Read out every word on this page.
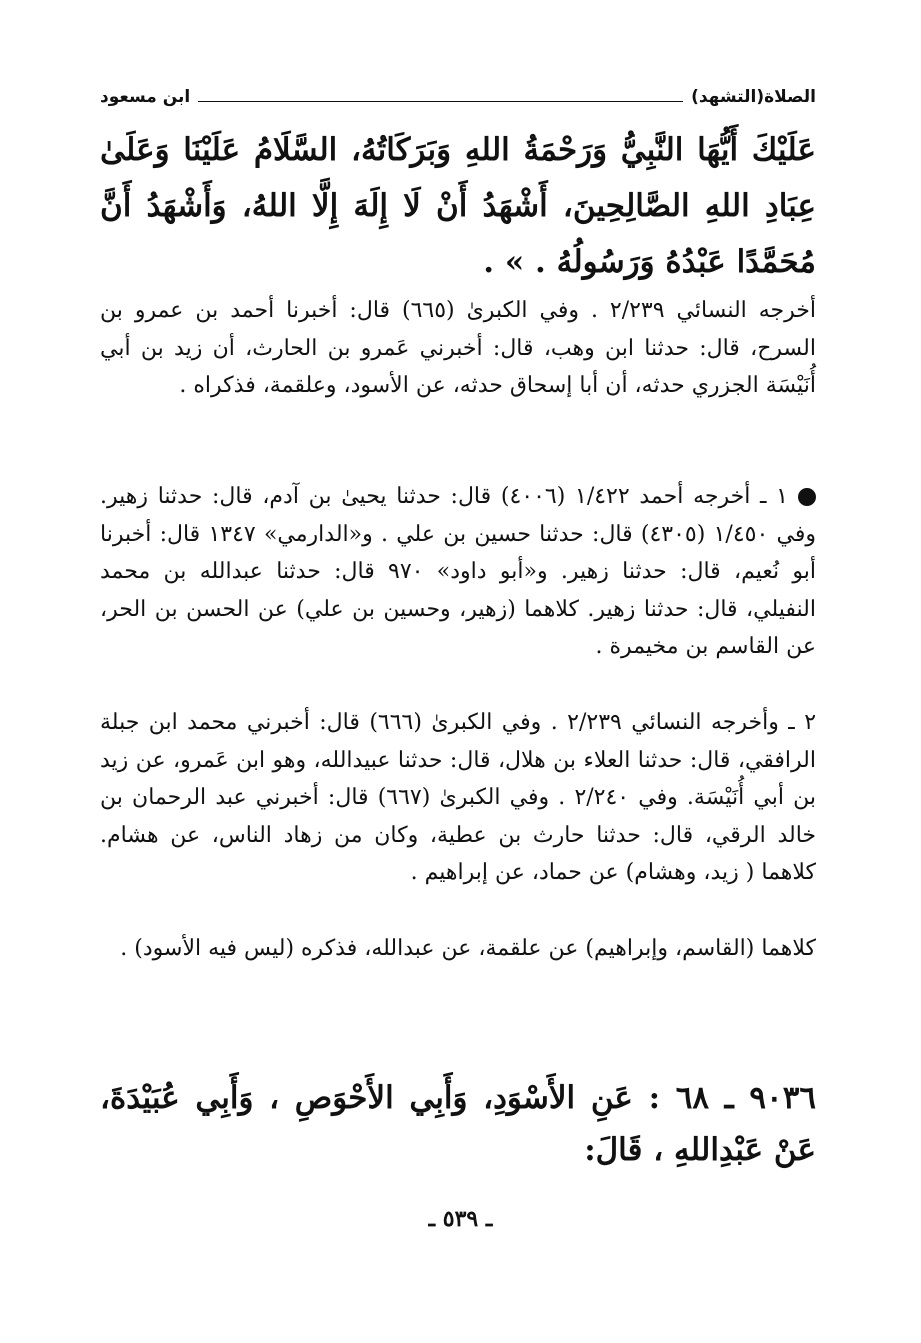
الصلاة(التشهد)
ابن مسعود

عَلَيْكَ أَيُّهَا النَّبِيُّ وَرَحْمَةُ اللهِ وَبَرَكَاتُهُ، السَّلَامُ عَلَيْنَا وَعَلَىٰ عِبَادِ اللهِ الصَّالِحِينَ، أَشْهَدُ أَنْ لَا إِلَهَ إِلَّا اللهُ، وَأَشْهَدُ أَنَّ مُحَمَّدًا عَبْدُهُ وَرَسُولُهُ . » .

أخرجه النسائي ٢/٢٣٩ . وفي الكبرىٰ (٦٦٥) قال: أخبرنا أحمد بن عمرو بن السرح، قال: حدثنا ابن وهب، قال: أخبرني عَمرو بن الحارث، أن زيد بن أبي أُنَيْسَة الجزري حدثه، أن أبا إسحاق حدثه، عن الأسود، وعلقمة، فذكراه .

١ ـ أخرجه أحمد ١/٤٢٢ (٤٠٠٦) قال: حدثنا يحيىٰ بن آدم، قال: حدثنا زهير. وفي ١/٤٥٠ (٤٣٠٥) قال: حدثنا حسين بن علي . و«الدارمي» ١٣٤٧ قال: أخبرنا أبو نُعيم، قال: حدثنا زهير. و«أبو داود» ٩٧٠ قال: حدثنا عبدالله بن محمد النفيلي، قال: حدثنا زهير. كلاهما (زهير، وحسين بن علي) عن الحسن بن الحر، عن القاسم بن مخيمرة .

٢ ـ وأخرجه النسائي ٢/٢٣٩ . وفي الكبرىٰ (٦٦٦) قال: أخبرني محمد ابن جبلة الرافقي، قال: حدثنا العلاء بن هلال، قال: حدثنا عبيدالله، وهو ابن عَمرو، عن زيد بن أبي أُنَيْسَة. وفي ٢/٢٤٠ . وفي الكبرىٰ (٦٦٧) قال: أخبرني عبد الرحمان بن خالد الرقي، قال: حدثنا حارث بن عطية، وكان من زهاد الناس، عن هشام. كلاهما ( زيد، وهشام) عن حماد، عن إبراهيم .

كلاهما (القاسم، وإبراهيم) عن علقمة، عن عبدالله، فذكره (ليس فيه الأسود) .

٩٠٣٦ ـ ٦٨ : عَنِ الأَسْوَدِ، وَأَبِي الأَحْوَصِ ، وَأَبِي عُبَيْدَةَ، عَنْ عَبْدِاللهِ ، قَالَ:

ـ ٥٣٩ ـ
